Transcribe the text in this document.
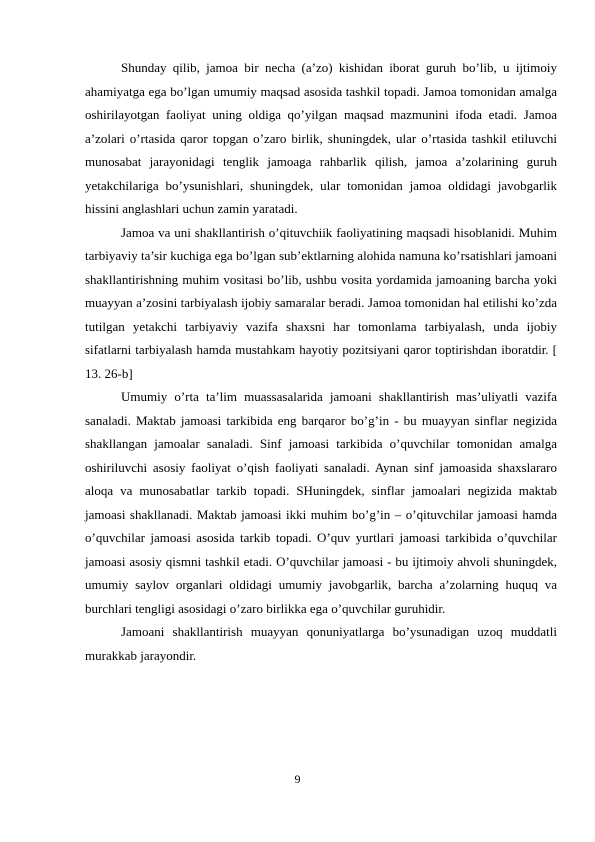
Shunday qilib, jamoa bir necha (a’zo) kishidan iborat guruh bo’lib, u ijtimoiy ahamiyatga ega bo’lgan umumiy maqsad asosida tashkil topadi. Jamoa tomonidan amalga oshirilayotgan faoliyat uning oldiga qo’yilgan maqsad mazmunini ifoda etadi. Jamoa a’zolari o’rtasida qaror topgan o’zaro birlik, shuningdek, ular o’rtasida tashkil etiluvchi munosabat jarayonidagi tenglik jamoaga rahbarlik qilish, jamoa a’zolarining guruh yetakchilariga bo’ysunishlari, shuningdek, ular tomonidan jamoa oldidagi javobgarlik hissini anglashlari uchun zamin yaratadi.

Jamoa va uni shakllantirish o’qituvchiik faoliyatining maqsadi hisoblanidi. Muhim tarbiyaviy ta’sir kuchiga ega bo’lgan sub’ektlarning alohida namuna ko’rsatishlari jamoani shakllantirishning muhim vositasi bo’lib, ushbu vosita yordamida jamoaning barcha yoki muayyan a’zosini tarbiyalash ijobiy samaralar beradi. Jamoa tomonidan hal etilishi ko’zda tutilgan yetakchi tarbiyaviy vazifa shaxsni har tomonlama tarbiyalash, unda ijobiy sifatlarni tarbiyalash hamda mustahkam hayotiy pozitsiyani qaror toptirishdan iboratdir. [ 13. 26-b]

Umumiy o’rta ta’lim muassasalarida jamoani shakllantirish mas’uliyatli vazifa sanaladi. Maktab jamoasi tarkibida eng barqaror bo’g’in - bu muayyan sinflar negizida shakllangan jamoalar sanaladi. Sinf jamoasi tarkibida o’quvchilar tomonidan amalga oshiriluvchi asosiy faoliyat o’qish faoliyati sanaladi. Aynan sinf jamoasida shaxslararo aloqa va munosabatlar tarkib topadi. SHuningdek, sinflar jamoalari negizida maktab jamoasi shakllanadi. Maktab jamoasi ikki muhim bo’g’in – o’qituvchilar jamoasi hamda o’quvchilar jamoasi asosida tarkib topadi. O’quv yurtlari jamoasi tarkibida o’quvchilar jamoasi asosiy qismni tashkil etadi. O’quvchilar jamoasi - bu ijtimoiy ahvoli shuningdek, umumiy saylov organlari oldidagi umumiy javobgarlik, barcha a’zolarning huquq va burchlari tengligi asosidagi o’zaro birlikka ega o’quvchilar guruhidir.

Jamoani shakllantirish muayyan qonuniyatlarga bo’ysunadigan uzoq muddatli murakkab jarayondir.

9
